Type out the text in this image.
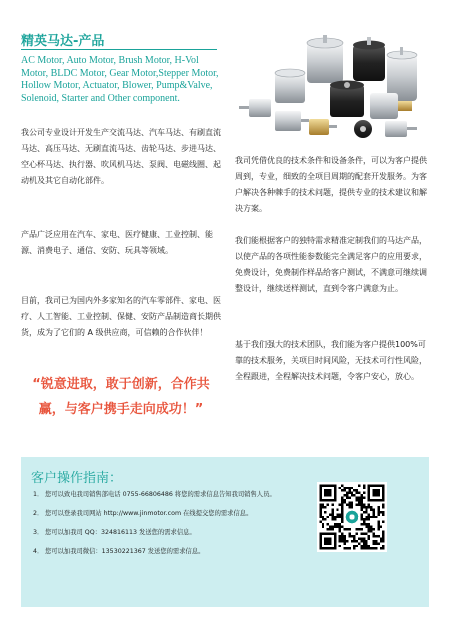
精英马达-产品
AC Motor, Auto Motor, Brush Motor, H-Vol Motor, BLDC Motor, Gear Motor,Stepper Motor, Hollow Motor, Actuator, Blower, Pump&Valve, Solenoid, Starter and Other component.
我公司专业设计开发生产交流马达、汽车马达、有刷直流马达、高压马达、无刷直流马达、齿轮马达、步进马达、空心杯马达、执行器、吹风机马达、泵阀、电磁线圈、起动机及其它自动化部件。
产品广泛应用在汽车、家电、医疗健康、工业控制、能源、消费电子、通信、安防、玩具等领域。
目前，我司已为国内外多家知名的汽车零部件、家电、医疗、人工智能、工业控制、保健、安防产品制造商长期供货，成为了它们的 A 级供应商，可信赖的合作伙伴！
“锐意进取，敢于创新，合作共赢，与客户携手走向成功！”
我司凭借优良的技术条件和设备条件，可以为客户提供周到，专业，细致的全项目周期的配套开发服务。为客户解决各种棘手的技术问题，提供专业的技术建议和解决方案。
我们能根据客户的独特需求精准定制我们的马达产品，以使产品的各项性能参数能完全满足客户的应用要求，免费设计，免费制作样品给客户测试，不满意可继续调整设计，继续送样测试，直到令客户满意为止。
基于我们强大的技术团队，我们能为客户提供100%可靠的技术服务，关项目时间风险，无技术可行性风险，全程跟进，全程解决技术问题，令客户安心，放心。
客户操作指南：
1． 您可以致电我司销售部电话 0755-66806486 将您的需求信息告知我司销售人员。
2． 您可以登录我司网站 http://www.jinmotor.com 在线提交您的需求信息。
3． 您可以加我司 QQ：324816113 发送您的需求信息。
4． 您可以加我司微信：13530221367 发送您的需求信息。
